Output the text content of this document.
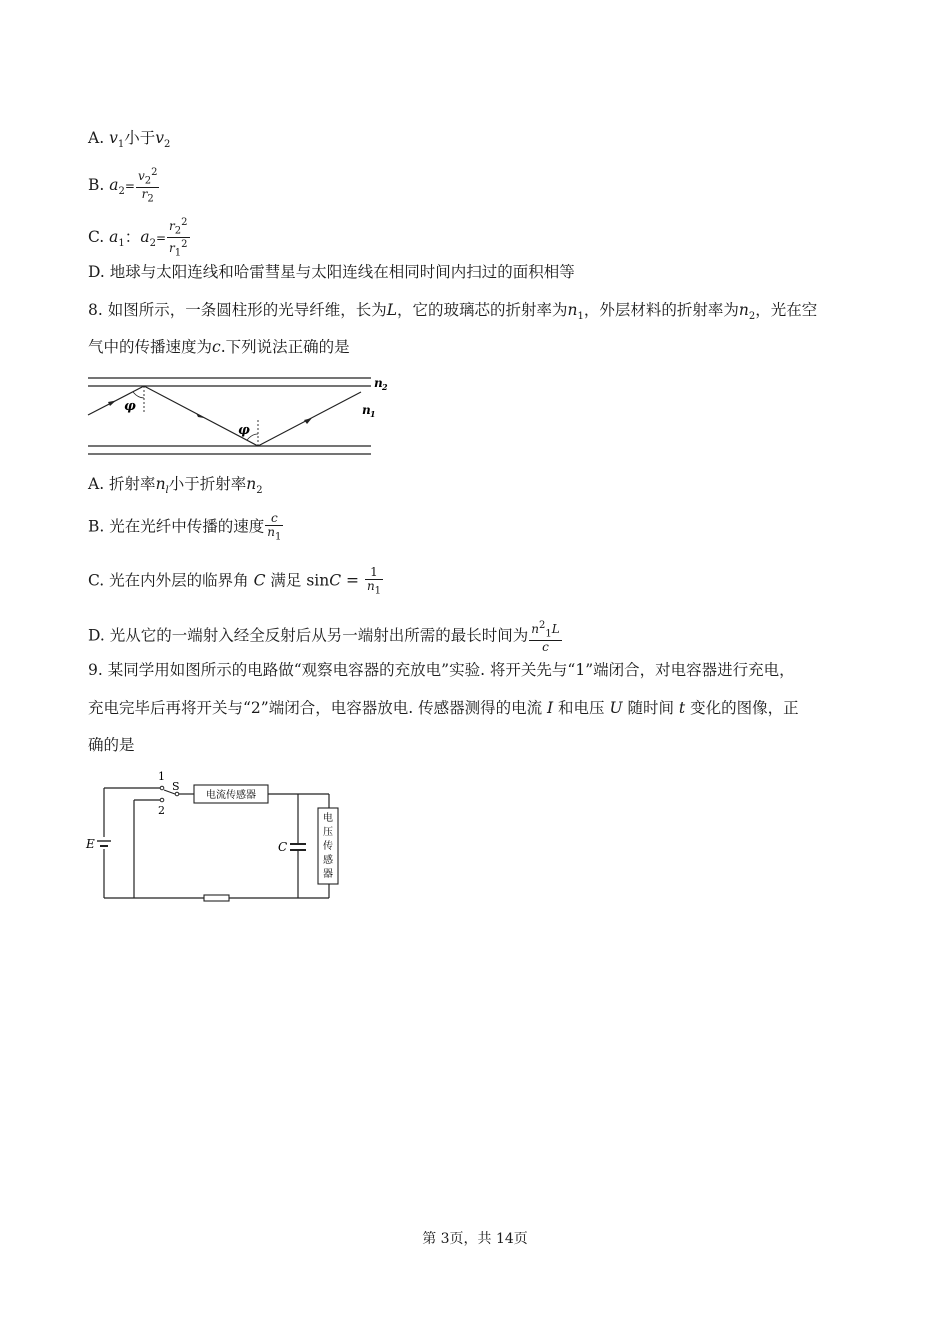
A. $v_1$小于$v_2$
B. $a_2= \frac{v_2^2}{r_2}$
C. $a_1$：$a_2= \frac{r_2^2}{r_1^2}$
D. 地球与太阳连线和哈雷彗星与太阳连线在相同时间内扫过的面积相等
8. 如图所示，一条圆柱形的光导纤维，长为L，它的玻璃芯的折射率为$n_1$，外层材料的折射率为$n_2$，光在空
气中的传播速度为c.下列说法正确的是
φ
φ
n 2
n 1
A. 折射率$n_l$小于折射率$n_2$
B. 光在光纤中传播的速度 $\frac{c}{n_1}$
C. 光在内外层的临界角 C 满足 $\sin C = \frac{1}{n_1}$
D. 光从它的一端射入经全反射后从另一端射出所需的最长时间为 $\frac{n^2_1L}{c}$
9. 某同学用如图所示的电路做“观察电容器的充放电”实验. 将开关先与“1”端闭合，对电容器进行充电，
充电完毕后再将开关与“2”端闭合，电容器放电. 传感器测得的电流 I 和电压 U 随时间 t 变化的图像，正
确的是
E
1
S
2
电流传感器
C
电
压
传
感
器
第 3页，共 14页
